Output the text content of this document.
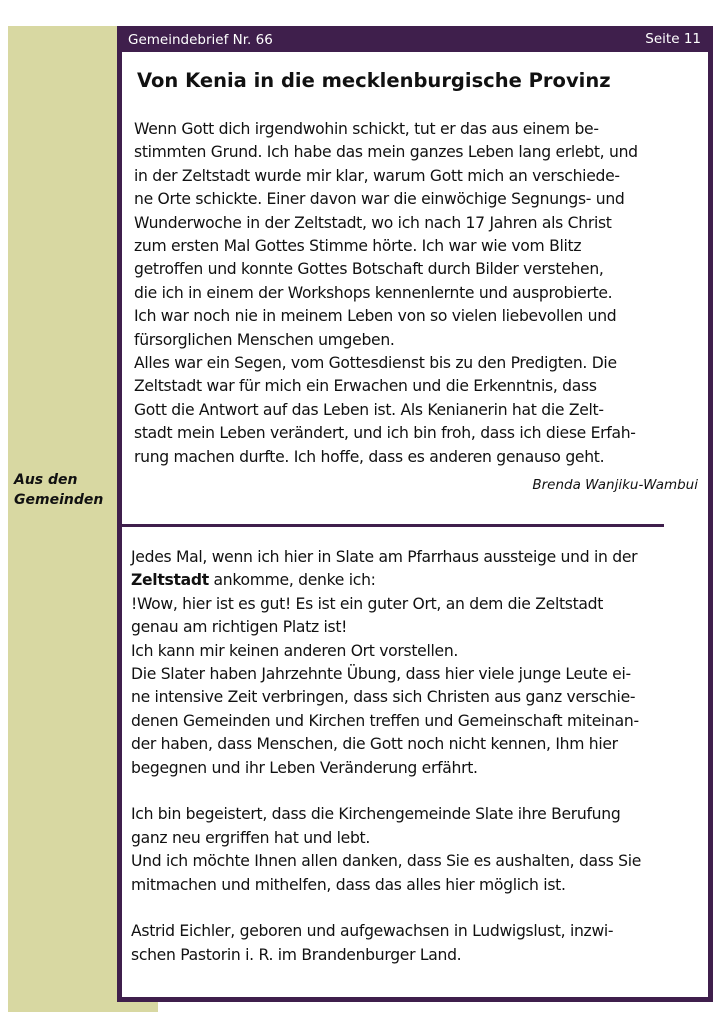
Aus den
Gemeinden
Gemeindebrief Nr. 66	Seite 11
Von Kenia in die mecklenburgische Provinz

Wenn Gott dich irgendwohin schickt, tut er das aus einem be-
stimmten Grund. Ich habe das mein ganzes Leben lang erlebt, und
in der Zeltstadt wurde mir klar, warum Gott mich an verschiede-
ne Orte schickte. Einer davon war die einwöchige Segnungs- und
Wunderwoche in der Zeltstadt, wo ich nach 17 Jahren als Christ
zum ersten Mal Gottes Stimme hörte. Ich war wie vom Blitz
getroffen und konnte Gottes Botschaft durch Bilder verstehen,
die ich in einem der Workshops kennenlernte und ausprobierte.
Ich war noch nie in meinem Leben von so vielen liebevollen und
fürsorglichen Menschen umgeben.
Alles war ein Segen, vom Gottesdienst bis zu den Predigten. Die
Zeltstadt war für mich ein Erwachen und die Erkenntnis, dass
Gott die Antwort auf das Leben ist. Als Kenianerin hat die Zelt-
stadt mein Leben verändert, und ich bin froh, dass ich diese Erfah-
rung machen durfte. Ich hoffe, dass es anderen genauso geht.

Brenda Wanjiku-Wambui

Jedes Mal, wenn ich hier in Slate am Pfarrhaus aussteige und in der
Zeltstadt ankomme, denke ich:
!Wow, hier ist es gut! Es ist ein guter Ort, an dem die Zeltstadt
genau am richtigen Platz ist!
Ich kann mir keinen anderen Ort vorstellen.
Die Slater haben Jahrzehnte Übung, dass hier viele junge Leute ei-
ne intensive Zeit verbringen, dass sich Christen aus ganz verschie-
denen Gemeinden und Kirchen treffen und Gemeinschaft miteinan-
der haben, dass Menschen, die Gott noch nicht kennen, Ihm hier
begegnen und ihr Leben Veränderung erfährt.
Ich bin begeistert, dass die Kirchengemeinde Slate ihre Berufung
ganz neu ergriffen hat und lebt.
Und ich möchte Ihnen allen danken, dass Sie es aushalten, dass Sie
mitmachen und mithelfen, dass das alles hier möglich ist.
Astrid Eichler, geboren und aufgewachsen in Ludwigslust, inzwi-
schen Pastorin i. R. im Brandenburger Land.
